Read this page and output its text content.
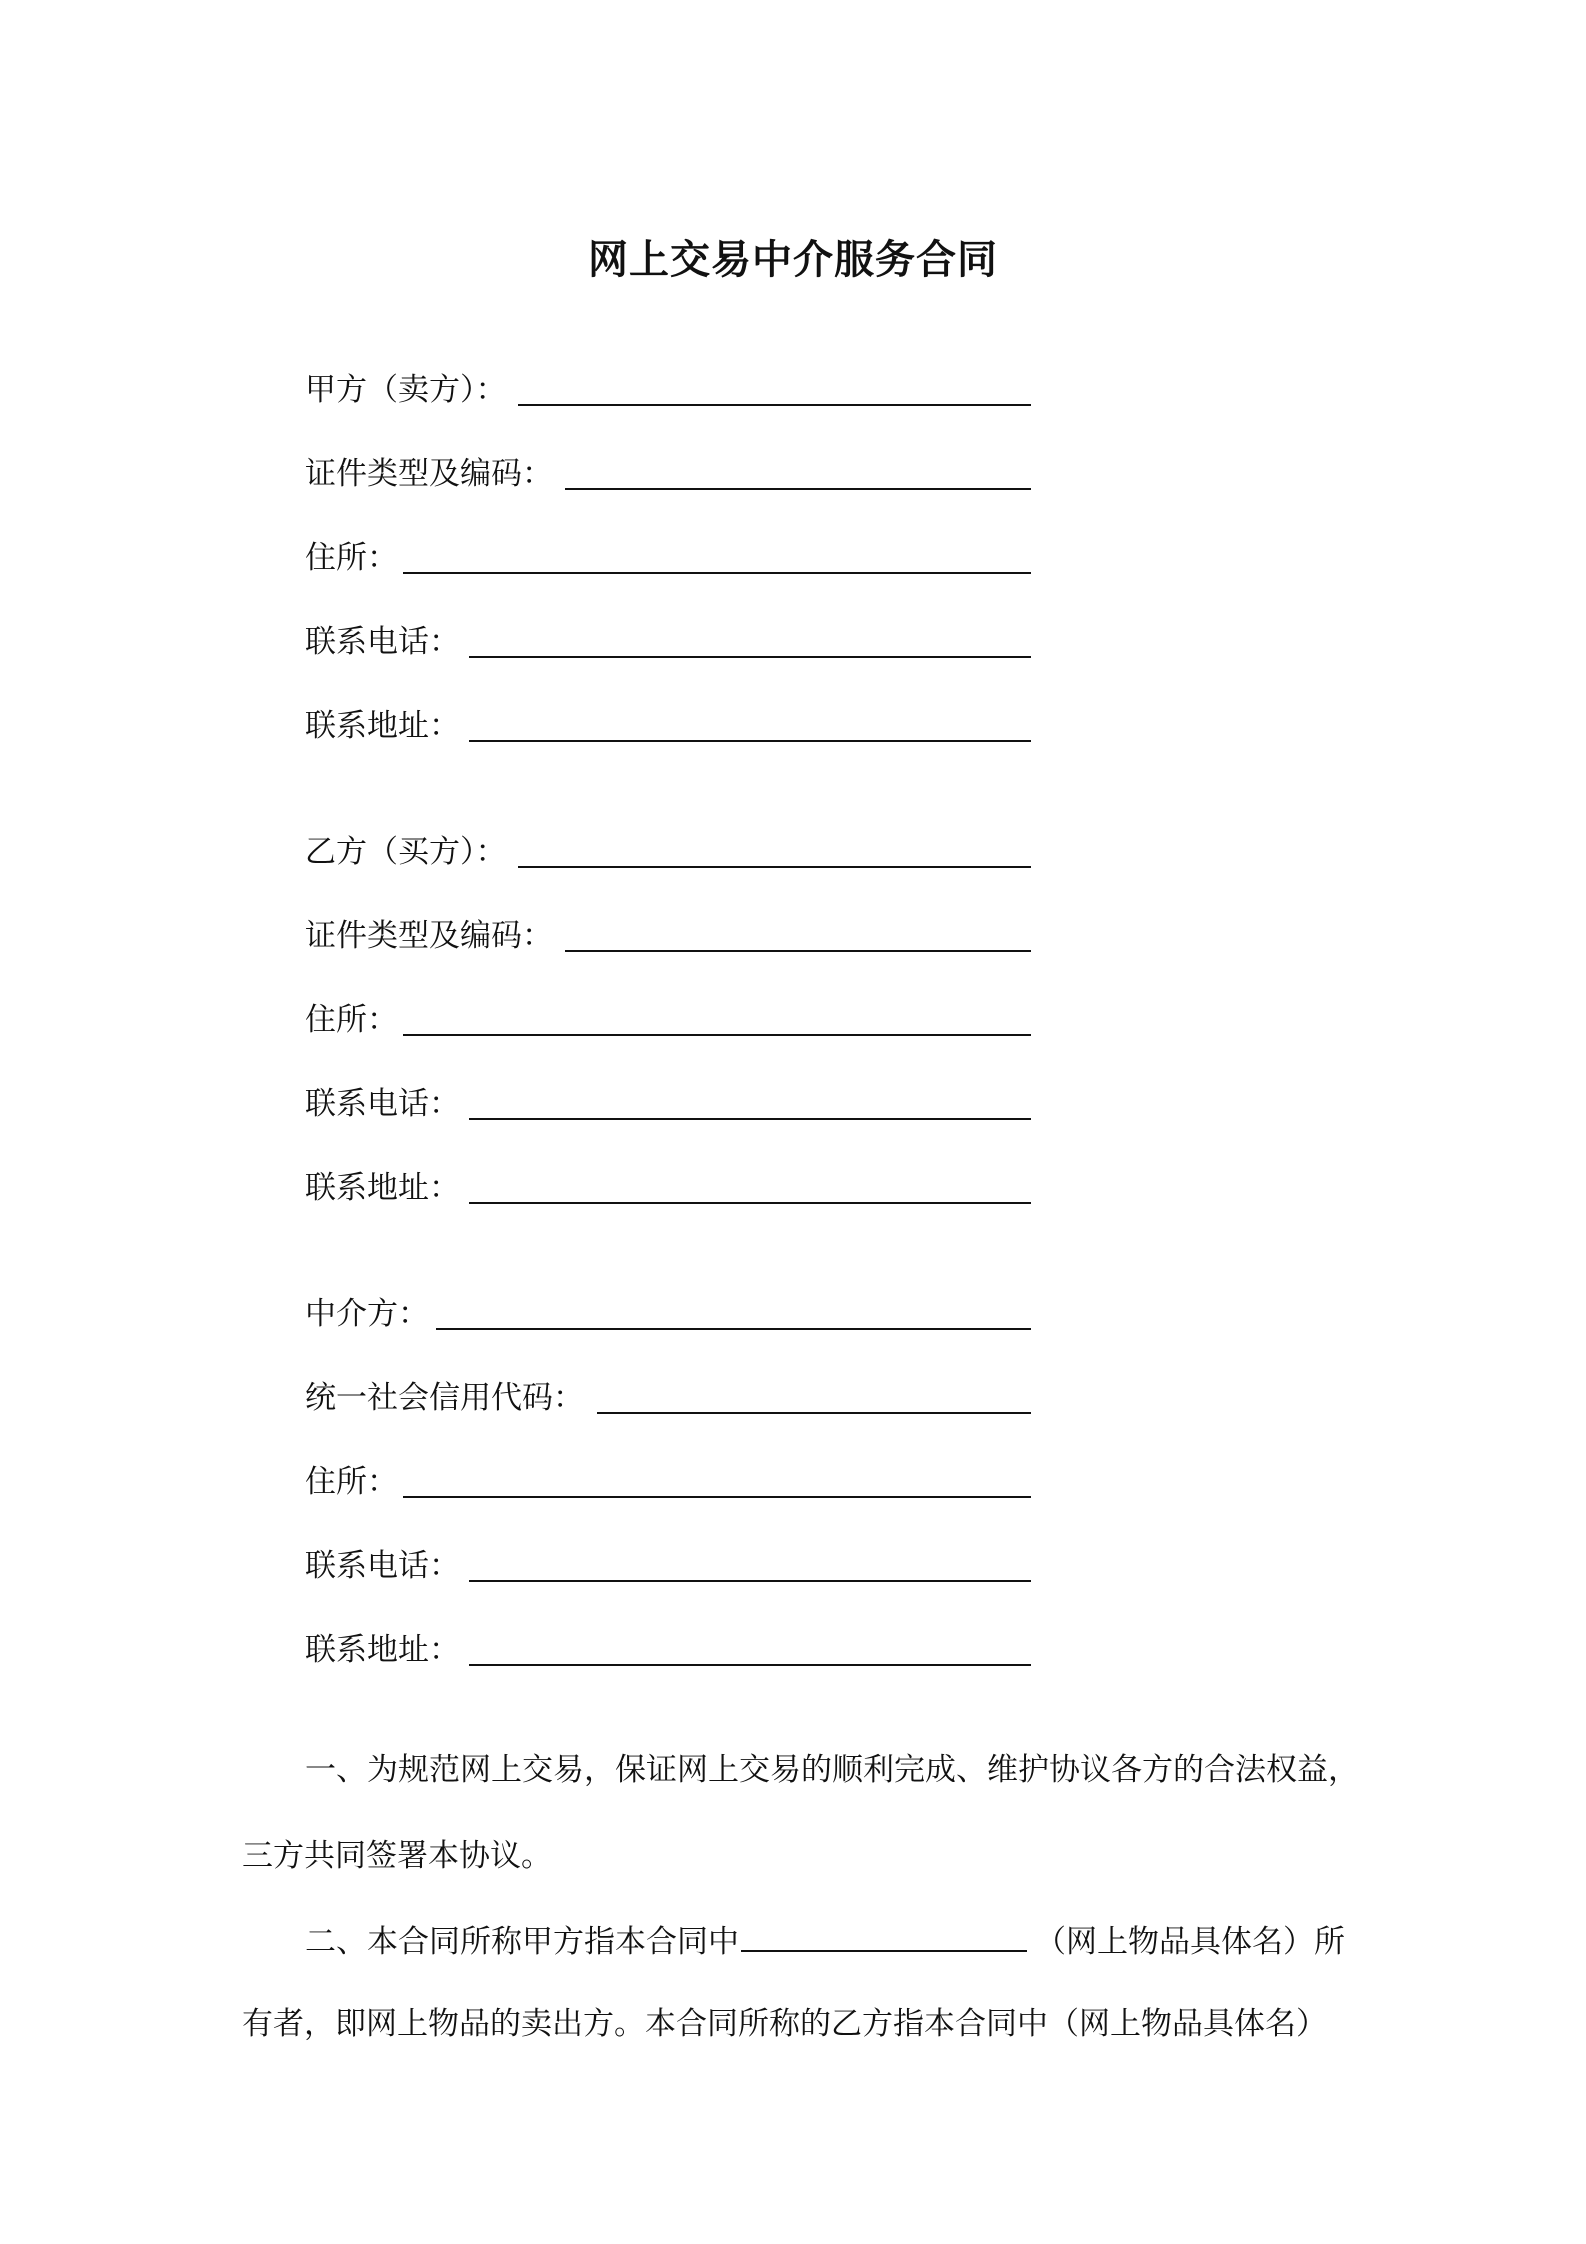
网上交易中介服务合同
甲方（卖方）：
证件类型及编码：
住所：
联系电话：
联系地址：
乙方（买方）：
证件类型及编码：
住所：
联系电话：
联系地址：
中介方：
统一社会信用代码：
住所：
联系电话：
联系地址：
一、为规范网上交易，保证网上交易的顺利完成、维护协议各方的合法权益，
三方共同签署本协议。
二、本合同所称甲方指本合同中	（网上物品具体名）所
有者，即网上物品的卖出方。本合同所称的乙方指本合同中（网上物品具体名）
